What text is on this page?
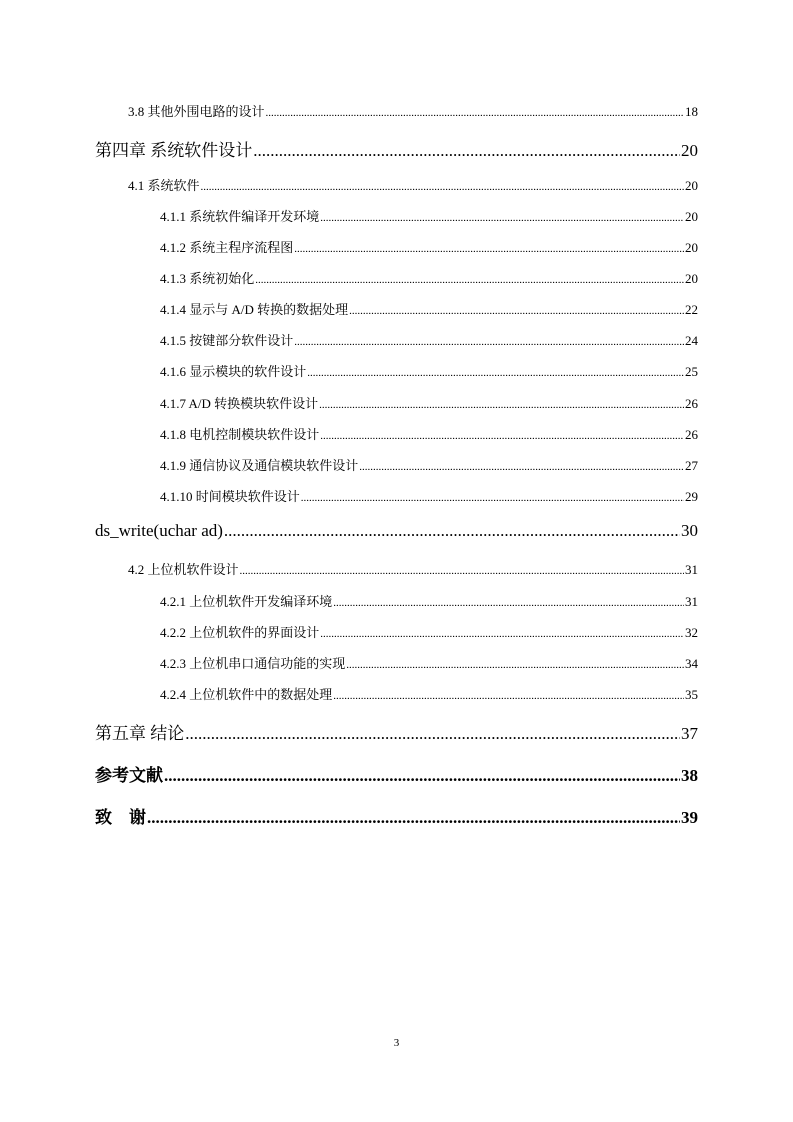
3.8 其他外围电路的设计 .....	18
第四章 系统软件设计 .....	20
4.1 系统软件 .....	20
4.1.1 系统软件编译开发环境 .....	20
4.1.2 系统主程序流程图 .....	20
4.1.3 系统初始化 .....	20
4.1.4 显示与 A/D 转换的数据处理 .....	22
4.1.5 按键部分软件设计 .....	24
4.1.6 显示模块的软件设计 .....	25
4.1.7 A/D 转换模块软件设计 .....	26
4.1.8 电机控制模块软件设计 .....	26
4.1.9 通信协议及通信模块软件设计 .....	27
4.1.10 时间模块软件设计 .....	29
ds_write(uchar ad) .....	30
4.2 上位机软件设计 .....	31
4.2.1 上位机软件开发编译环境 .....	31
4.2.2 上位机软件的界面设计 .....	32
4.2.3 上位机串口通信功能的实现 .....	34
4.2.4 上位机软件中的数据处理 .....	35
第五章 结论 .....	37
参考文献 .....	38
致    谢 .....	39
3
